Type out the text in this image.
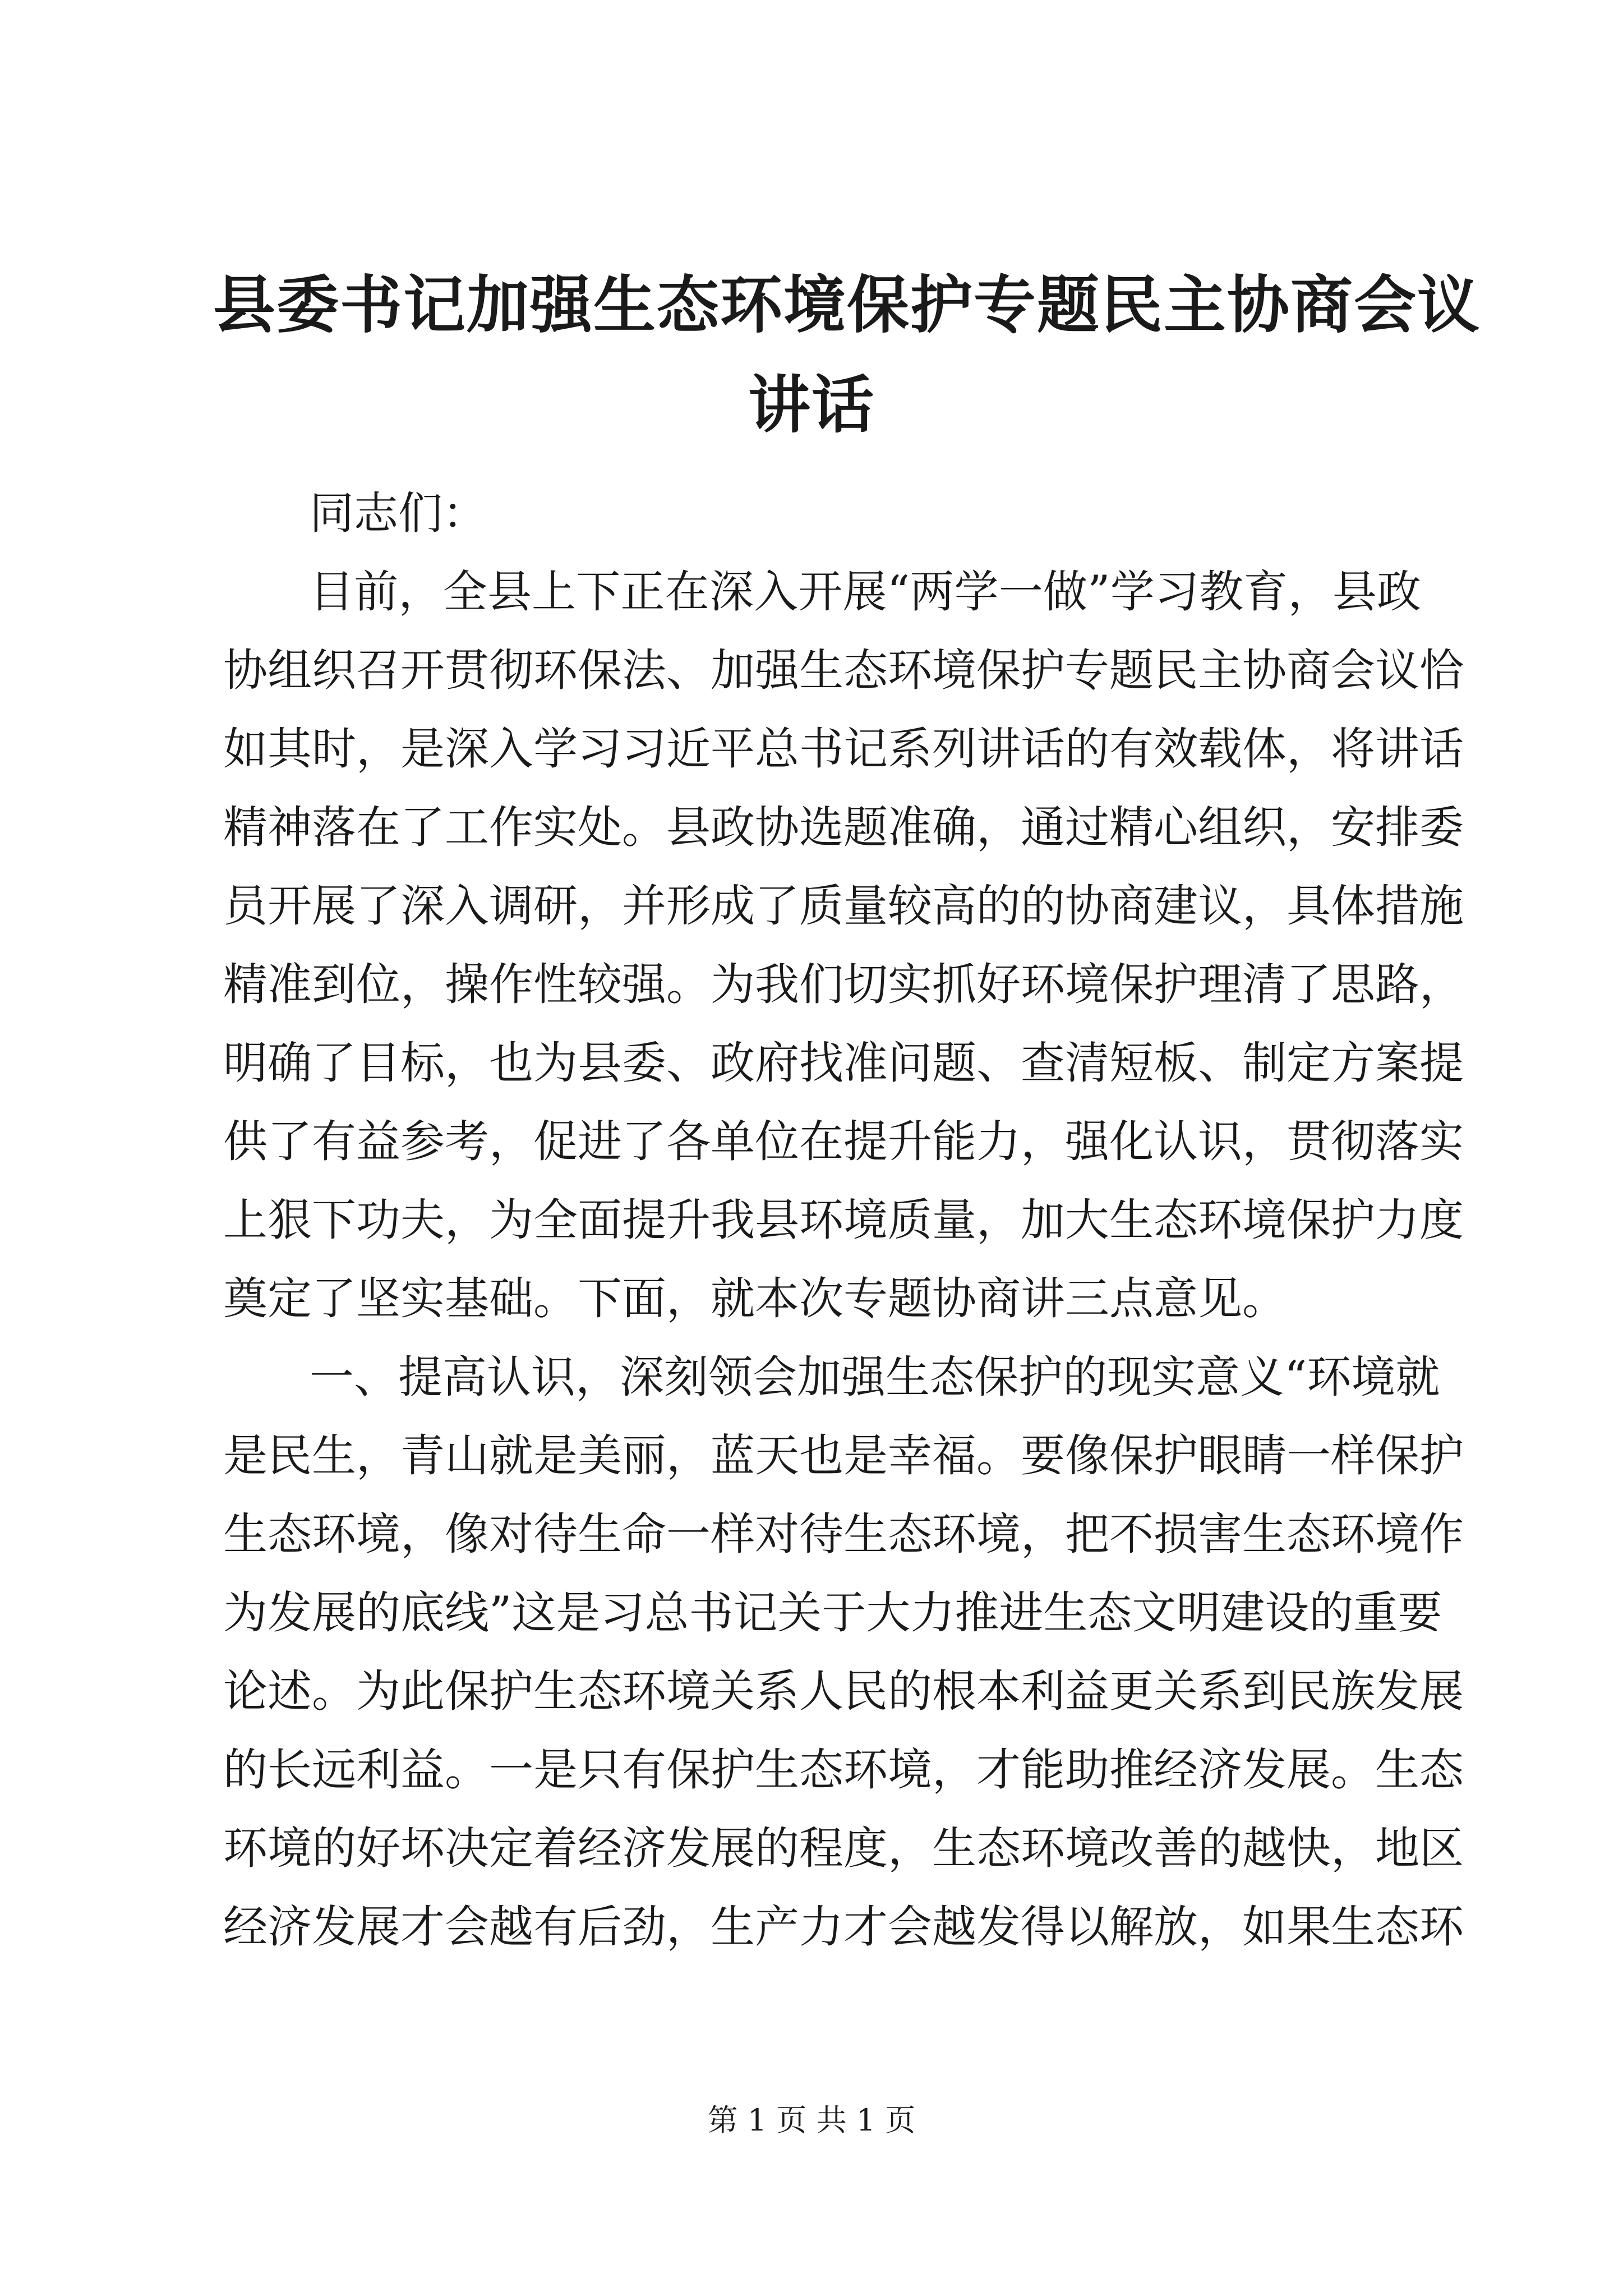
县委书记加强生态环境保护专题民主协商会议
讲话
同志们：
目前，全县上下正在深入开展“两学一做”学习教育，县政
协组织召开贯彻环保法、加强生态环境保护专题民主协商会议恰
如其时，是深入学习习近平总书记系列讲话的有效载体，将讲话
精神落在了工作实处。县政协选题准确，通过精心组织，安排委
员开展了深入调研，并形成了质量较高的的协商建议，具体措施
精准到位，操作性较强。为我们切实抓好环境保护理清了思路，
明确了目标，也为县委、政府找准问题、查清短板、制定方案提
供了有益参考，促进了各单位在提升能力，强化认识，贯彻落实
上狠下功夫，为全面提升我县环境质量，加大生态环境保护力度
奠定了坚实基础。下面，就本次专题协商讲三点意见。
一、提高认识，深刻领会加强生态保护的现实意义“环境就
是民生，青山就是美丽，蓝天也是幸福。要像保护眼睛一样保护
生态环境，像对待生命一样对待生态环境，把不损害生态环境作
为发展的底线”这是习总书记关于大力推进生态文明建设的重要
论述。为此保护生态环境关系人民的根本利益更关系到民族发展
的长远利益。一是只有保护生态环境，才能助推经济发展。生态
环境的好坏决定着经济发展的程度，生态环境改善的越快，地区
经济发展才会越有后劲，生产力才会越发得以解放，如果生态环
第 1 页 共 1 页
